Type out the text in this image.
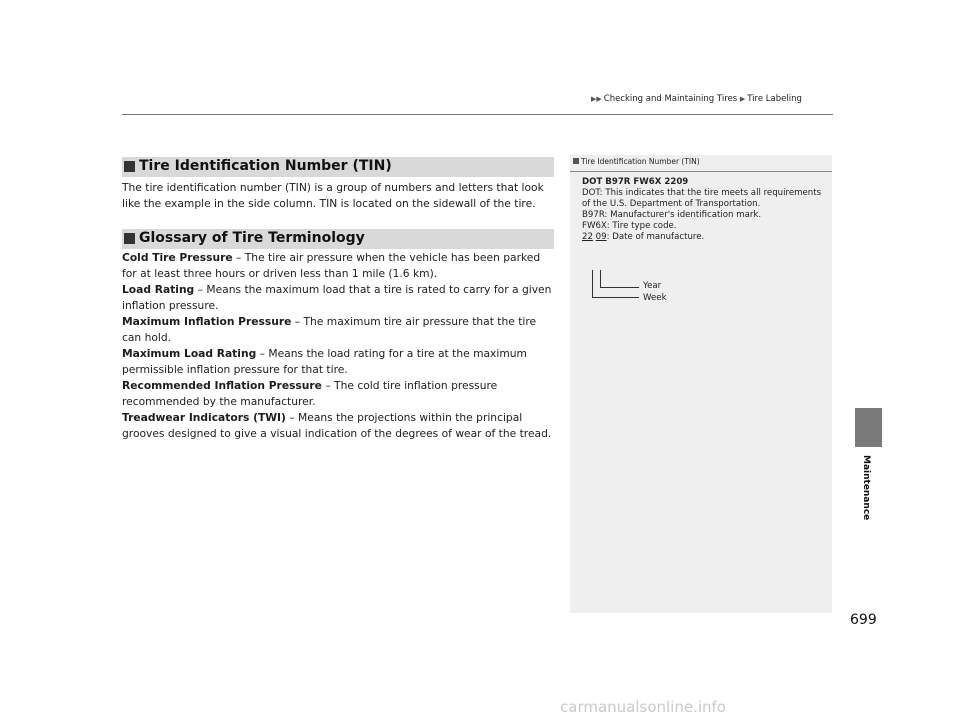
▶▶ Checking and Maintaining Tires ▶ Tire Labeling
Tire Identification Number (TIN)
The tire identification number (TIN) is a group of numbers and letters that look like the example in the side column. TIN is located on the sidewall of the tire.
Glossary of Tire Terminology

Cold Tire Pressure – The tire air pressure when the vehicle has been parked for at least three hours or driven less than 1 mile (1.6 km).

Load Rating – Means the maximum load that a tire is rated to carry for a given inflation pressure.

Maximum Inflation Pressure – The maximum tire air pressure that the tire can hold.

Maximum Load Rating – Means the load rating for a tire at the maximum permissible inflation pressure for that tire.

Recommended Inflation Pressure – The cold tire inflation pressure recommended by the manufacturer.

Treadwear Indicators (TWI) – Means the projections within the principal grooves designed to give a visual indication of the degrees of wear of the tread.

Tire Identification Number (TIN)
DOT B97R FW6X 2209
DOT: This indicates that the tire meets all requirements of the U.S. Department of Transportation.
B97R: Manufacturer's identification mark.
FW6X: Tire type code.
22 09: Date of manufacture.
Year
Week
Maintenance
699
carmanualsonline.info
